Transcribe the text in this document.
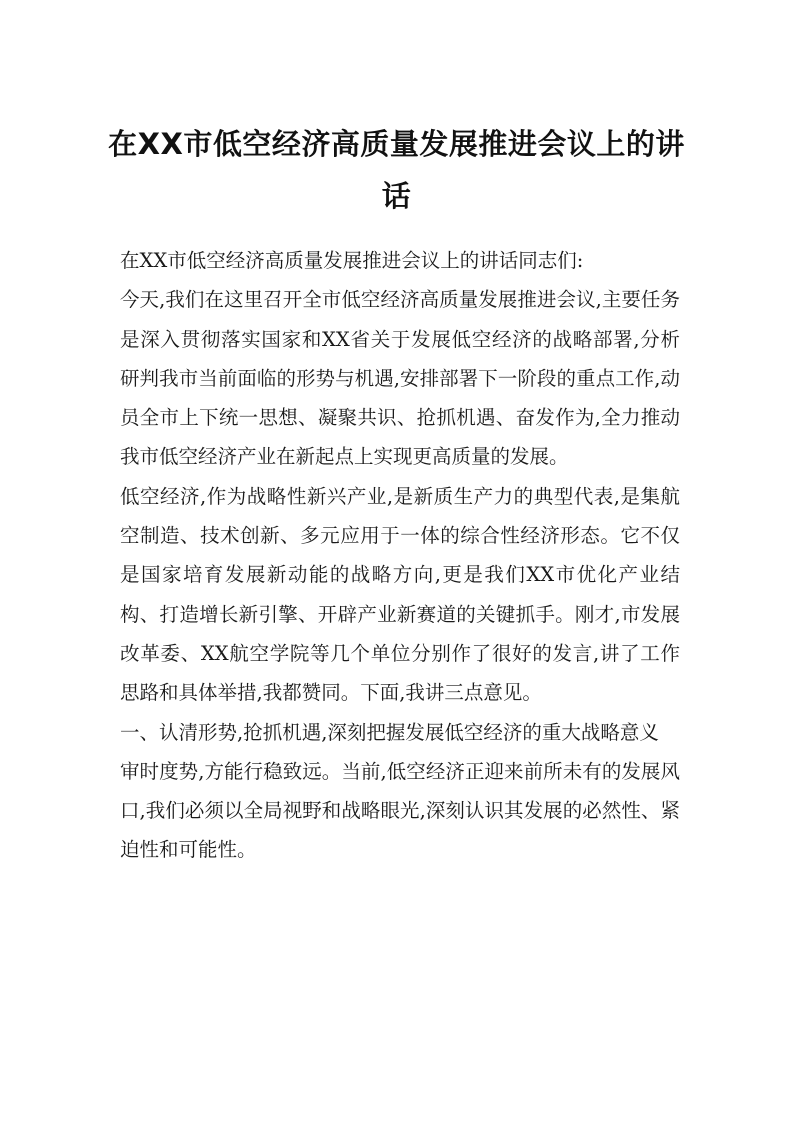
在XX市低空经济高质量发展推进会议上的讲话

在XX市低空经济高质量发展推进会议上的讲话同志们:

今天,我们在这里召开全市低空经济高质量发展推进会议,主要任务是深入贯彻落实国家和XX省关于发展低空经济的战略部署,分析研判我市当前面临的形势与机遇,安排部署下一阶段的重点工作,动员全市上下统一思想、凝聚共识、抢抓机遇、奋发作为,全力推动我市低空经济产业在新起点上实现更高质量的发展。

低空经济,作为战略性新兴产业,是新质生产力的典型代表,是集航空制造、技术创新、多元应用于一体的综合性经济形态。它不仅是国家培育发展新动能的战略方向,更是我们XX市优化产业结构、打造增长新引擎、开辟产业新赛道的关键抓手。刚才,市发展改革委、XX航空学院等几个单位分别作了很好的发言,讲了工作思路和具体举措,我都赞同。下面,我讲三点意见。

一、认清形势,抢抓机遇,深刻把握发展低空经济的重大战略意义

审时度势,方能行稳致远。当前,低空经济正迎来前所未有的发展风口,我们必须以全局视野和战略眼光,深刻认识其发展的必然性、紧迫性和可能性。
